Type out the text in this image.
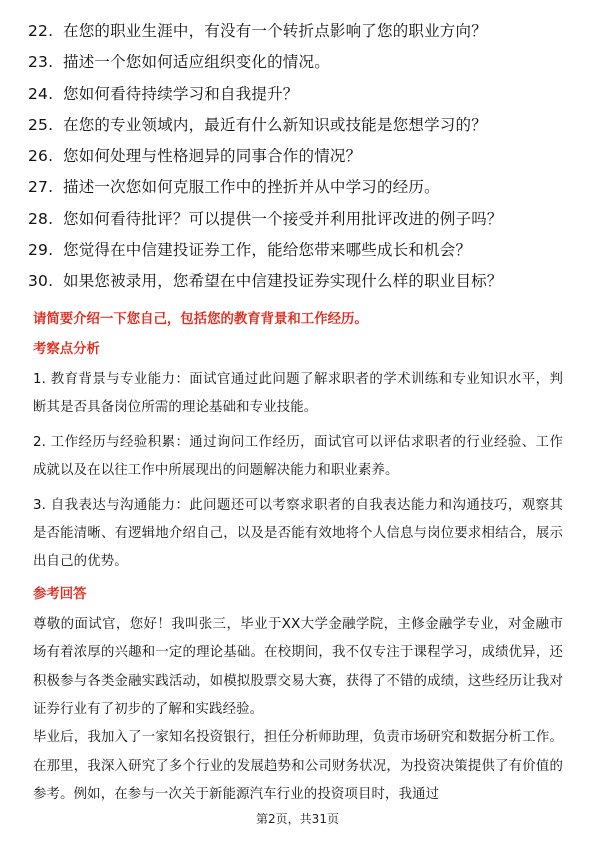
22. 在您的职业生涯中，有没有一个转折点影响了您的职业方向？
23. 描述一个您如何适应组织变化的情况。
24. 您如何看待持续学习和自我提升？
25. 在您的专业领域内，最近有什么新知识或技能是您想学习的？
26. 您如何处理与性格迥异的同事合作的情况？
27. 描述一次您如何克服工作中的挫折并从中学习的经历。
28. 您如何看待批评？可以提供一个接受并利用批评改进的例子吗？
29. 您觉得在中信建投证券工作，能给您带来哪些成长和机会？
30. 如果您被录用，您希望在中信建投证券实现什么样的职业目标？

请简要介绍一下您自己，包括您的教育背景和工作经历。

考察点分析

1. 教育背景与专业能力：面试官通过此问题了解求职者的学术训练和专业知识水平，判断其是否具备岗位所需的理论基础和专业技能。

2. 工作经历与经验积累：通过询问工作经历，面试官可以评估求职者的行业经验、工作成就以及在以往工作中所展现出的问题解决能力和职业素养。

3. 自我表达与沟通能力：此问题还可以考察求职者的自我表达能力和沟通技巧，观察其是否能清晰、有逻辑地介绍自己，以及是否能有效地将个人信息与岗位要求相结合，展示出自己的优势。

参考回答

尊敬的面试官，您好！我叫张三，毕业于XX大学金融学院，主修金融学专业，对金融市场有着浓厚的兴趣和一定的理论基础。在校期间，我不仅专注于课程学习，成绩优异，还积极参与各类金融实践活动，如模拟股票交易大赛，获得了不错的成绩，这些经历让我对证券行业有了初步的了解和实践经验。

毕业后，我加入了一家知名投资银行，担任分析师助理，负责市场研究和数据分析工作。在那里，我深入研究了多个行业的发展趋势和公司财务状况，为投资决策提供了有价值的参考。例如，在参与一次关于新能源汽车行业的投资项目时，我通过

第2页，共31页
